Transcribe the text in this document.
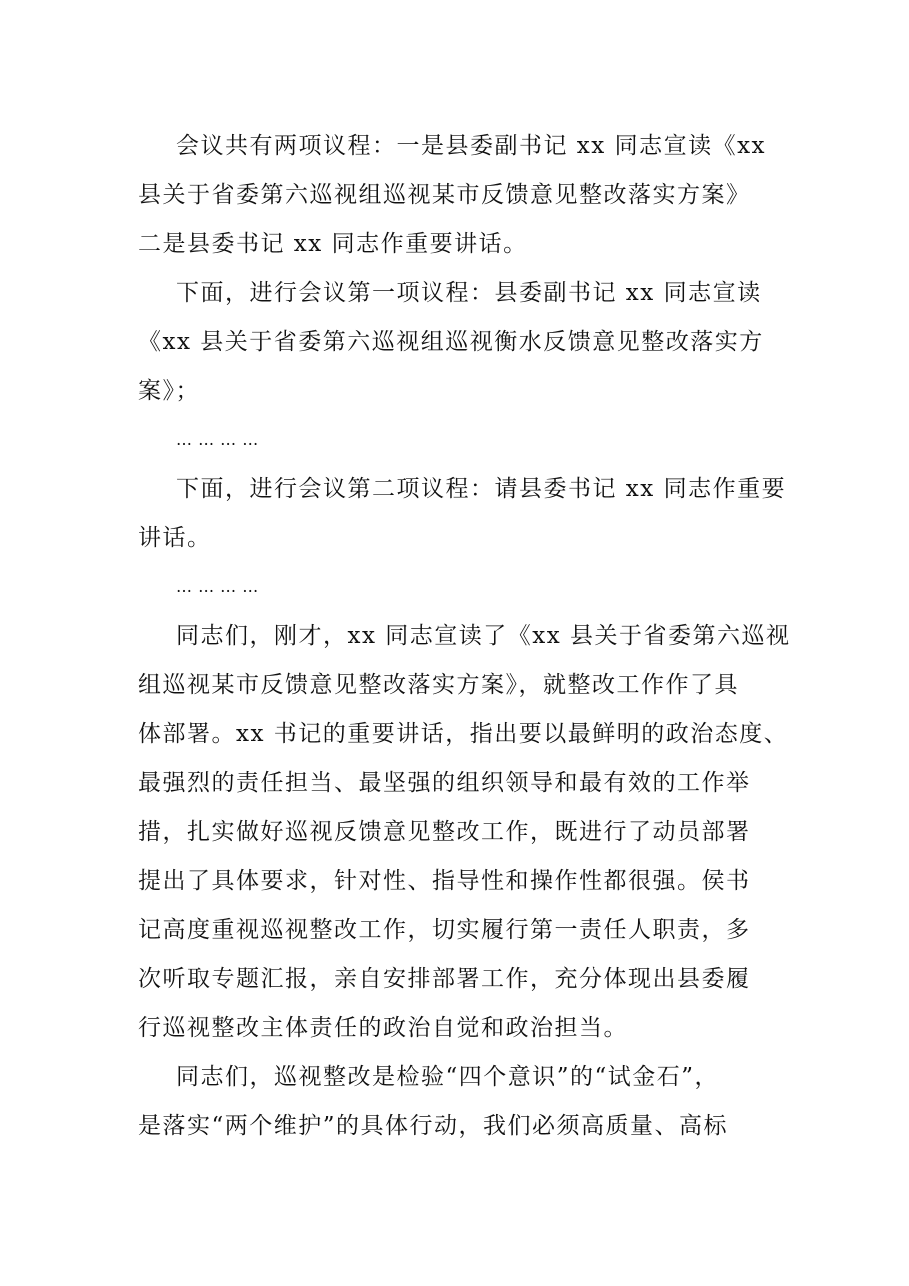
会议共有两项议程：一是县委副书记 xx 同志宣读《xx
县关于省委第六巡视组巡视某市反馈意见整改落实方案》
二是县委书记 xx 同志作重要讲话。
下面，进行会议第一项议程：县委副书记 xx 同志宣读
《xx 县关于省委第六巡视组巡视衡水反馈意见整改落实方
案》；
… … … …
下面，进行会议第二项议程：请县委书记 xx 同志作重要
讲话。
… … … …
同志们，刚才，xx 同志宣读了《xx 县关于省委第六巡视
组巡视某市反馈意见整改落实方案》，就整改工作作了具
体部署。xx 书记的重要讲话，指出要以最鲜明的政治态度、
最强烈的责任担当、最坚强的组织领导和最有效的工作举
措，扎实做好巡视反馈意见整改工作，既进行了动员部署
提出了具体要求，针对性、指导性和操作性都很强。侯书
记高度重视巡视整改工作，切实履行第一责任人职责，多
次听取专题汇报，亲自安排部署工作，充分体现出县委履
行巡视整改主体责任的政治自觉和政治担当。
同志们，巡视整改是检验“四个意识”的“试金石”，
是落实“两个维护”的具体行动，我们必须高质量、高标
